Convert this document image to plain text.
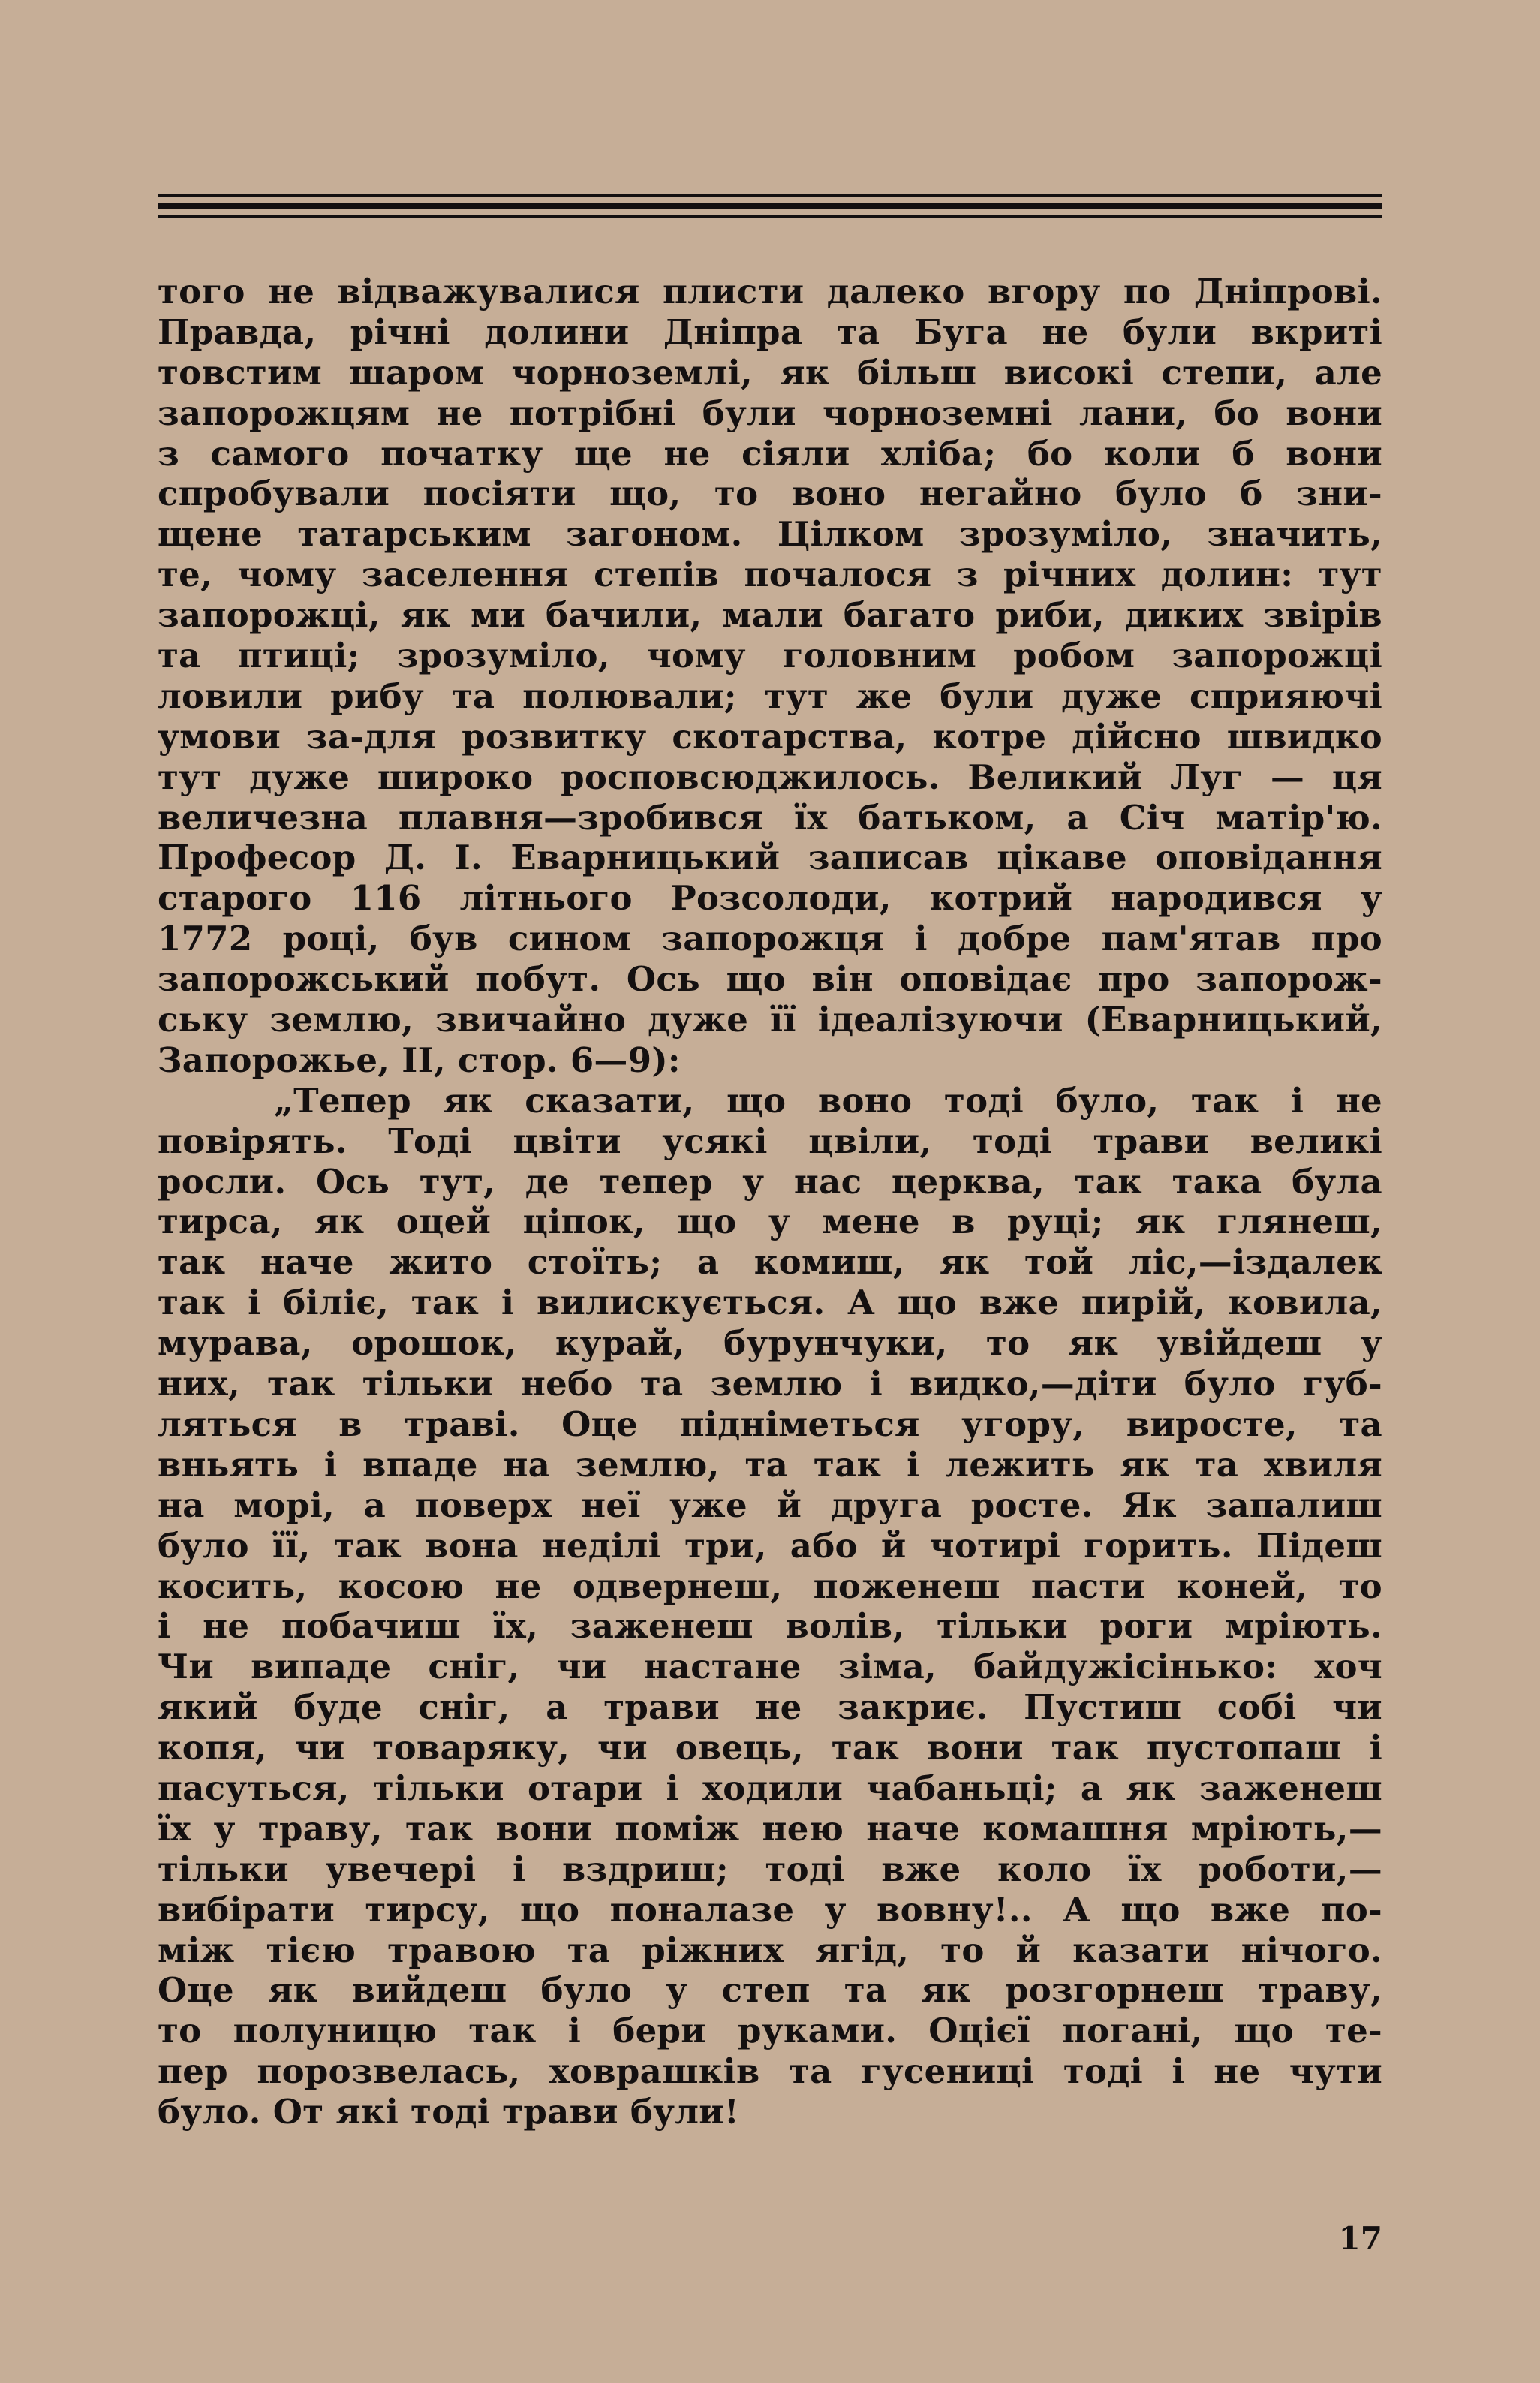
того не відважувалися плисти далеко вгору по Дніпрові.
Правда, річні долини Дніпра та Буга не були вкриті
товстим шаром чорноземлі, як більш високі степи, але
запорожцям не потрібні були чорноземні лани, бо вони
з самого початку ще не сіяли хліба; бо коли б вони
спробували посіяти що, то воно негайно було б зни-
щене татарським загоном. Цілком зрозуміло, значить,
те, чому заселення степів почалося з річних долин: тут
запорожці, як ми бачили, мали багато риби, диких звірів
та птиці; зрозуміло, чому головним робом запорожці
ловили рибу та полювали; тут же були дуже сприяючі
умови за-для розвитку скотарства, котре дійсно швидко
тут дуже широко росповсюджилось. Великий Луг — ця
величезна плавня—зробився їх батьком, а Січ матір'ю.
Професор Д. І. Еварницький записав цікаве оповідання
старого 116 літнього Розсолоди, котрий народився у
1772 році, був сином запорожця і добре пам'ятав про
запорожський побут. Ось що він оповідає про запорож-
ську землю, звичайно дуже її ідеалізуючи (Еварницький,
Запорожье, II, стор. 6—9):
„Тепер як сказати, що воно тоді було, так і не
повірять. Тоді цвіти усякі цвіли, тоді трави великі
росли. Ось тут, де тепер у нас церква, так така була
тирса, як оцей ціпок, що у мене в руці; як глянеш,
так наче жито стоїть; а комиш, як той ліс,—іздалек
так і біліє, так і вилискується. А що вже пирій, ковила,
мурава, орошок, курай, бурунчуки, то як увійдеш у
них, так тільки небо та землю і видко,—діти було губ-
ляться в траві. Оце підніметься угору, виросте, та
вньять і впаде на землю, та так і лежить як та хвиля
на морі, а поверх неї уже й друга росте. Як запалиш
було її, так вона неділі три, або й чотирі горить. Підеш
косить, косою не одвернеш, поженеш пасти коней, то
і не побачиш їх, заженеш волів, тільки роги мріють.
Чи випаде сніг, чи настане зіма, байдужісінько: хоч
який буде сніг, а трави не закриє. Пустиш собі чи
копя, чи товаряку, чи овець, так вони так пустопаш і
пасуться, тільки отари і ходили чабаньці; а як заженеш
їх у траву, так вони поміж нею наче комашня мріють,—
тільки увечері і вздриш; тоді вже коло їх роботи,—
вибірати тирсу, що поналазе у вовну!.. А що вже по-
між тією травою та ріжних ягід, то й казати нічого.
Оце як вийдеш було у степ та як розгорнеш траву,
то полуницю так і бери руками. Оцієї погані, що те-
пер порозвелась, ховрашків та гусениці тоді і не чути
було. От які тоді трави були!
17
